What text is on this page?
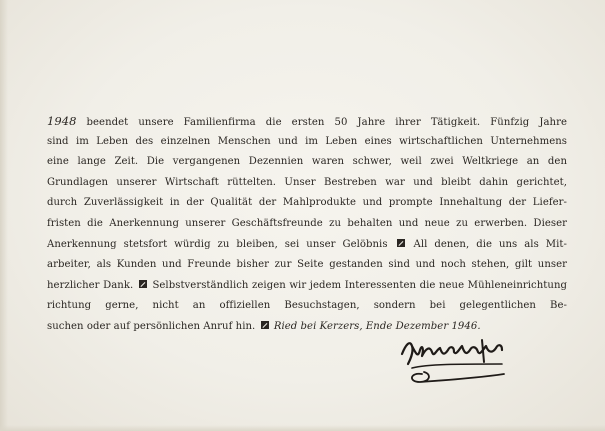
1948 beendet unsere Familienfirma die ersten 50 Jahre ihrer Tätigkeit. Fünfzig Jahre
sind im Leben des einzelnen Menschen und im Leben eines wirtschaftlichen Unternehmens
eine lange Zeit. Die vergangenen Dezennien waren schwer, weil zwei Weltkriege an den
Grundlagen unserer Wirtschaft rüttelten. Unser Bestreben war und bleibt dahin gerichtet,
durch Zuverlässigkeit in der Qualität der Mahlprodukte und prompte Innehaltung der Liefer-
fristen die Anerkennung unserer Geschäftsfreunde zu behalten und neue zu erwerben. Dieser
Anerkennung stetsfort würdig zu bleiben, sei unser Gelöbnis	All denen, die uns als Mit-
arbeiter, als Kunden und Freunde bisher zur Seite gestanden sind und noch stehen, gilt unser
herzlicher Dank. Selbstverständlich zeigen wir jedem Interessenten die neue Mühleneinrichtung
richtung gerne, nicht an offiziellen Besuchstagen, sondern bei gelegentlichen Be-
suchen oder auf persönlichen Anruf hin. Ried bei Kerzers, Ende Dezember 1946.
